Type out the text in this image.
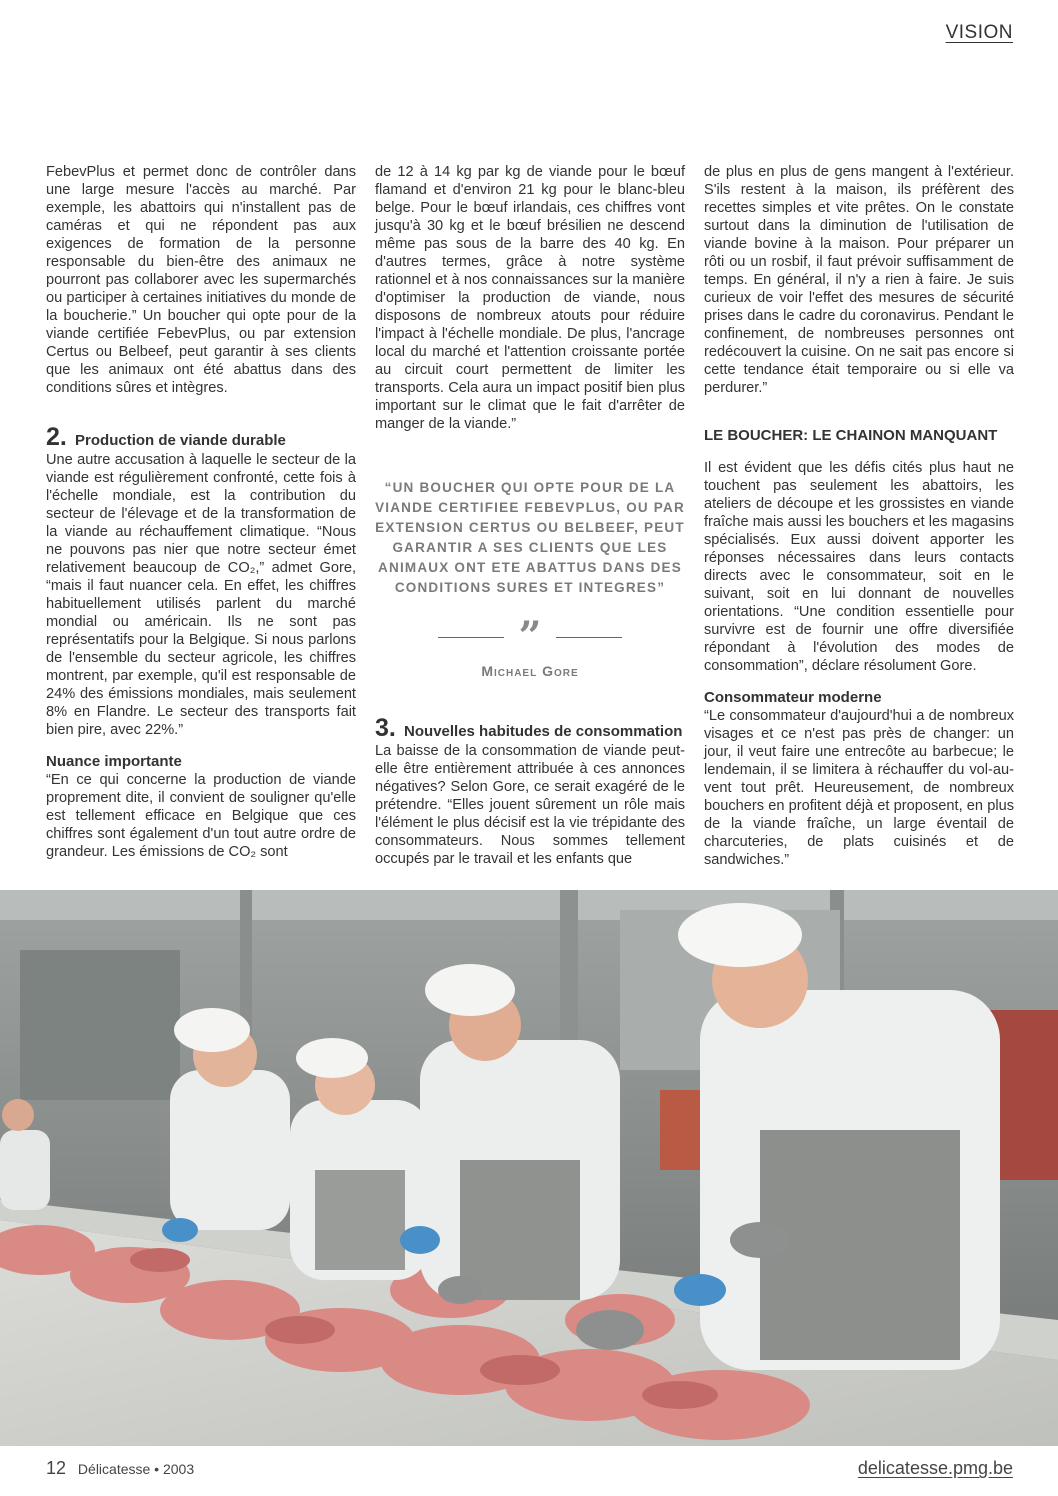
VISION

FebevPlus et permet donc de contrôler dans une large mesure l'accès au marché. Par exemple, les abattoirs qui n'installent pas de caméras et qui ne répondent pas aux exigences de formation de la personne responsable du bien-être des animaux ne pourront pas collaborer avec les supermarchés ou participer à certaines initiatives du monde de la boucherie.” Un boucher qui opte pour de la viande certifiée FebevPlus, ou par extension Certus ou Belbeef, peut garantir à ses clients que les animaux ont été abattus dans des conditions sûres et intègres.

2. Production de viande durable

Une autre accusation à laquelle le secteur de la viande est régulièrement confronté, cette fois à l'échelle mondiale, est la contribution du secteur de l'élevage et de la transformation de la viande au réchauffement climatique. “Nous ne pouvons pas nier que notre secteur émet relativement beaucoup de CO₂,” admet Gore, “mais il faut nuancer cela. En effet, les chiffres habituellement utilisés parlent du marché mondial ou américain. Ils ne sont pas représentatifs pour la Belgique. Si nous parlons de l'ensemble du secteur agricole, les chiffres montrent, par exemple, qu'il est responsable de 24% des émissions mondiales, mais seulement 8% en Flandre. Le secteur des transports fait bien pire, avec 22%.”

Nuance importante

“En ce qui concerne la production de viande proprement dite, il convient de souligner qu'elle est tellement efficace en Belgique que ces chiffres sont également d'un tout autre ordre de grandeur. Les émissions de CO₂ sont

de 12 à 14 kg par kg de viande pour le bœuf flamand et d'environ 21 kg pour le blanc-bleu belge. Pour le bœuf irlandais, ces chiffres vont jusqu'à 30 kg et le bœuf brésilien ne descend même pas sous de la barre des 40 kg. En d'autres termes, grâce à notre système rationnel et à nos connaissances sur la manière d'optimiser la production de viande, nous disposons de nombreux atouts pour réduire l'impact à l'échelle mondiale. De plus, l'ancrage local du marché et l'attention croissante portée au circuit court permettent de limiter les transports. Cela aura un impact positif bien plus important sur le climat que le fait d'arrêter de manger de la viande.”

“UN BOUCHER QUI OPTE POUR DE LA VIANDE CERTIFIEE FEBEVPLUS, OU PAR EXTENSION CERTUS OU BELBEEF, PEUT GARANTIR A SES CLIENTS QUE LES ANIMAUX ONT ETE ABATTUS DANS DES CONDITIONS SURES ET INTEGRES”
”
Michael Gore
3. Nouvelles habitudes de consommation

La baisse de la consommation de viande peut-elle être entièrement attribuée à ces annonces négatives? Selon Gore, ce serait exagéré de le prétendre. “Elles jouent sûrement un rôle mais l'élément le plus décisif est la vie trépidante des consommateurs. Nous sommes tellement occupés par le travail et les enfants que

de plus en plus de gens mangent à l'extérieur. S'ils restent à la maison, ils préfèrent des recettes simples et vite prêtes. On le constate surtout dans la diminution de l'utilisation de viande bovine à la maison. Pour préparer un rôti ou un rosbif, il faut prévoir suffisamment de temps. En général, il n'y a rien à faire. Je suis curieux de voir l'effet des mesures de sécurité prises dans le cadre du coronavirus. Pendant le confinement, de nombreuses personnes ont redécouvert la cuisine. On ne sait pas encore si cette tendance était temporaire ou si elle va perdurer.”

LE BOUCHER: LE CHAINON MANQUANT

Il est évident que les défis cités plus haut ne touchent pas seulement les abattoirs, les ateliers de découpe et les grossistes en viande fraîche mais aussi les bouchers et les magasins spécialisés. Eux aussi doivent apporter les réponses nécessaires dans leurs contacts directs avec le consommateur, soit en le suivant, soit en lui donnant de nouvelles orientations. “Une condition essentielle pour survivre est de fournir une offre diversifiée répondant à l'évolution des modes de consommation”, déclare résolument Gore.

Consommateur moderne

“Le consommateur d'aujourd'hui a de nombreux visages et ce n'est pas près de changer: un jour, il veut faire une entrecôte au barbecue; le lendemain, il se limitera à réchauffer du vol-au-vent tout prêt. Heureusement, de nombreux bouchers en profitent déjà et proposent, en plus de la viande fraîche, un large éventail de charcuteries, de plats cuisinés et de sandwiches.”

12 Délicatesse • 2003	delicatesse.pmg.be
